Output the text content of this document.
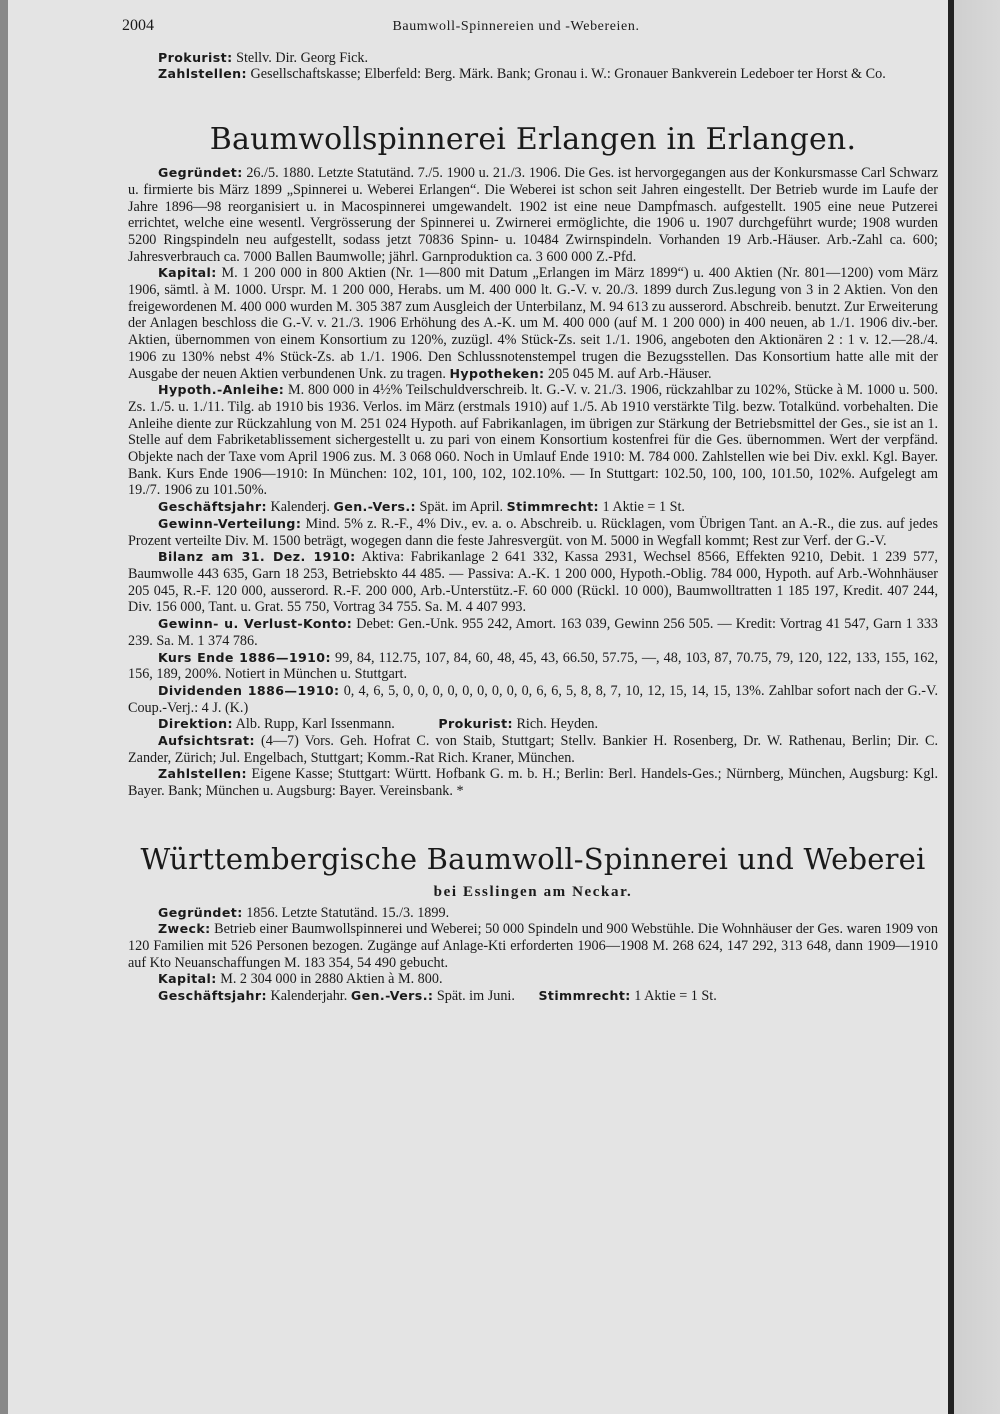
2004	Baumwoll-Spinnereien und -Webereien.

Prokurist: Stellv. Dir. Georg Fick.

Zahlstellen: Gesellschaftskasse; Elberfeld: Berg. Märk. Bank; Gronau i. W.: Gronauer Bankverein Ledeboer ter Horst & Co.

Baumwollspinnerei Erlangen in Erlangen.

Gegründet: 26./5. 1880. Letzte Statutänd. 7./5. 1900 u. 21./3. 1906. Die Ges. ist hervorgegangen aus der Konkursmasse Carl Schwarz u. firmierte bis März 1899 „Spinnerei u. Weberei Erlangen“. Die Weberei ist schon seit Jahren eingestellt. Der Betrieb wurde im Laufe der Jahre 1896—98 reorganisiert u. in Macospinnerei umgewandelt. 1902 ist eine neue Dampfmasch. aufgestellt. 1905 eine neue Putzerei errichtet, welche eine wesentl. Vergrösserung der Spinnerei u. Zwirnerei ermöglichte, die 1906 u. 1907 durchgeführt wurde; 1908 wurden 5200 Ringspindeln neu aufgestellt, sodass jetzt 70836 Spinn- u. 10484 Zwirnspindeln. Vorhanden 19 Arb.-Häuser. Arb.-Zahl ca. 600; Jahresverbrauch ca. 7000 Ballen Baumwolle; jährl. Garnproduktion ca. 3 600 000 Z.-Pfd.

Kapital: M. 1 200 000 in 800 Aktien (Nr. 1—800 mit Datum „Erlangen im März 1899“) u. 400 Aktien (Nr. 801—1200) vom März 1906, sämtl. à M. 1000. Urspr. M. 1 200 000, Herabs. um M. 400 000 lt. G.-V. v. 20./3. 1899 durch Zus.legung von 3 in 2 Aktien. Von den freigewordenen M. 400 000 wurden M. 305 387 zum Ausgleich der Unterbilanz, M. 94 613 zu ausserord. Abschreib. benutzt. Zur Erweiterung der Anlagen beschloss die G.-V. v. 21./3. 1906 Erhöhung des A.-K. um M. 400 000 (auf M. 1 200 000) in 400 neuen, ab 1./1. 1906 div.-ber. Aktien, übernommen von einem Konsortium zu 120%, zuzügl. 4% Stück-Zs. seit 1./1. 1906, angeboten den Aktionären 2 : 1 v. 12.—28./4. 1906 zu 130% nebst 4% Stück-Zs. ab 1./1. 1906. Den Schlussnotenstempel trugen die Bezugsstellen. Das Konsortium hatte alle mit der Ausgabe der neuen Aktien verbundenen Unk. zu tragen. Hypotheken: 205 045 M. auf Arb.-Häuser.

Hypoth.-Anleihe: M. 800 000 in 4½% Teilschuldverschreib. lt. G.-V. v. 21./3. 1906, rückzahlbar zu 102%, Stücke à M. 1000 u. 500. Zs. 1./5. u. 1./11. Tilg. ab 1910 bis 1936. Verlos. im März (erstmals 1910) auf 1./5. Ab 1910 verstärkte Tilg. bezw. Totalkünd. vorbehalten. Die Anleihe diente zur Rückzahlung von M. 251 024 Hypoth. auf Fabrikanlagen, im übrigen zur Stärkung der Betriebsmittel der Ges., sie ist an 1. Stelle auf dem Fabriketablissement sichergestellt u. zu pari von einem Konsortium kostenfrei für die Ges. übernommen. Wert der verpfänd. Objekte nach der Taxe vom April 1906 zus. M. 3 068 060. Noch in Umlauf Ende 1910: M. 784 000. Zahlstellen wie bei Div. exkl. Kgl. Bayer. Bank. Kurs Ende 1906—1910: In München: 102, 101, 100, 102, 102.10%. — In Stuttgart: 102.50, 100, 100, 101.50, 102%. Aufgelegt am 19./7. 1906 zu 101.50%.

Geschäftsjahr: Kalenderj. Gen.-Vers.: Spät. im April. Stimmrecht: 1 Aktie = 1 St.

Gewinn-Verteilung: Mind. 5% z. R.-F., 4% Div., ev. a. o. Abschreib. u. Rücklagen, vom Übrigen Tant. an A.-R., die zus. auf jedes Prozent verteilte Div. M. 1500 beträgt, wogegen dann die feste Jahresvergüt. von M. 5000 in Wegfall kommt; Rest zur Verf. der G.-V.

Bilanz am 31. Dez. 1910: Aktiva: Fabrikanlage 2 641 332, Kassa 2931, Wechsel 8566, Effekten 9210, Debit. 1 239 577, Baumwolle 443 635, Garn 18 253, Betriebskto 44 485. — Passiva: A.-K. 1 200 000, Hypoth.-Oblig. 784 000, Hypoth. auf Arb.-Wohnhäuser 205 045, R.-F. 120 000, ausserord. R.-F. 200 000, Arb.-Unterstütz.-F. 60 000 (Rückl. 10 000), Baumwolltratten 1 185 197, Kredit. 407 244, Div. 156 000, Tant. u. Grat. 55 750, Vortrag 34 755. Sa. M. 4 407 993.

Gewinn- u. Verlust-Konto: Debet: Gen.-Unk. 955 242, Amort. 163 039, Gewinn 256 505. — Kredit: Vortrag 41 547, Garn 1 333 239. Sa. M. 1 374 786.

Kurs Ende 1886—1910: 99, 84, 112.75, 107, 84, 60, 48, 45, 43, 66.50, 57.75, —, 48, 103, 87, 70.75, 79, 120, 122, 133, 155, 162, 156, 189, 200%. Notiert in München u. Stuttgart.

Dividenden 1886—1910: 0, 4, 6, 5, 0, 0, 0, 0, 0, 0, 0, 0, 0, 6, 6, 5, 8, 8, 7, 10, 12, 15, 14, 15, 13%. Zahlbar sofort nach der G.-V. Coup.-Verj.: 4 J. (K.)

Direktion: Alb. Rupp, Karl Issenmann.	Prokurist: Rich. Heyden.

Aufsichtsrat: (4—7) Vors. Geh. Hofrat C. von Staib, Stuttgart; Stellv. Bankier H. Rosenberg, Dr. W. Rathenau, Berlin; Dir. C. Zander, Zürich; Jul. Engelbach, Stuttgart; Komm.-Rat Rich. Kraner, München.

Zahlstellen: Eigene Kasse; Stuttgart: Württ. Hofbank G. m. b. H.; Berlin: Berl. Handels-Ges.; Nürnberg, München, Augsburg: Kgl. Bayer. Bank; München u. Augsburg: Bayer. Vereinsbank. *

Württembergische Baumwoll-Spinnerei und Weberei
bei Esslingen am Neckar.

Gegründet: 1856. Letzte Statutänd. 15./3. 1899.

Zweck: Betrieb einer Baumwollspinnerei und Weberei; 50 000 Spindeln und 900 Webstühle. Die Wohnhäuser der Ges. waren 1909 von 120 Familien mit 526 Personen bezogen. Zugänge auf Anlage-Kti erforderten 1906—1908 M. 268 624, 147 292, 313 648, dann 1909—1910 auf Kto Neuanschaffungen M. 183 354, 54 490 gebucht.

Kapital: M. 2 304 000 in 2880 Aktien à M. 800.

Geschäftsjahr: Kalenderjahr. Gen.-Vers.: Spät. im Juni. Stimmrecht: 1 Aktie = 1 St.
